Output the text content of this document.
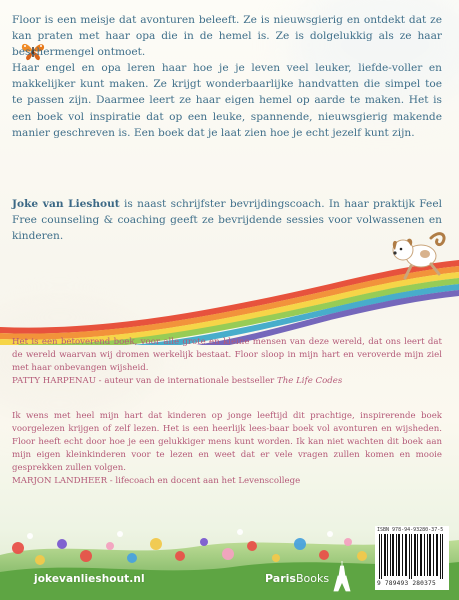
Floor is een meisje dat avonturen beleeft. Ze is nieuwsgierig en ontdekt dat ze kan praten met haar opa die in de hemel is. Ze is dolgelukkig als ze haar beschermengel ontmoet.
Haar engel en opa leren haar hoe je je leven veel leuker, liefde-voller en makkelijker kunt maken. Ze krijgt wonderbaarlijke handvatten die simpel toe te passen zijn. Daarmee leert ze haar eigen hemel op aarde te maken. Het is een boek vol inspiratie dat op een leuke, spannende, nieuwsgierig makende manier geschreven is. Een boek dat je laat zien hoe je echt jezelf kunt zijn.

Joke van Lieshout is naast schrijfster bevrijdingscoach. In haar praktijk Feel Free counseling & coaching geeft ze bevrijdende sessies voor volwassenen en kinderen.

Het is een betoverend boek, voor alle grote en kleine mensen van deze wereld, dat ons leert dat de wereld waarvan wij dromen werkelijk bestaat. Floor sloop in mijn hart en veroverde mijn ziel met haar onbevangen wijsheid.
PATTY HARPENAU - auteur van de internationale bestseller The Life Codes

Ik wens met heel mijn hart dat kinderen op jonge leeftijd dit prachtige, inspirerende boek voorgelezen krijgen of zelf lezen. Het is een heerlijk lees-baar boek vol avonturen en wijsheden. Floor heeft echt door hoe je een gelukkiger mens kunt worden. Ik kan niet wachten dit boek aan mijn eigen kleinkinderen voor te lezen en weet dat er vele vragen zullen komen en mooie gesprekken zullen volgen.
MARJON LANDHEER - lifecoach en docent aan het Levenscollege

jokevanlieshout.nl	ParisBooks
ISBN 978-94-93280-37-5
9 789493 280375
